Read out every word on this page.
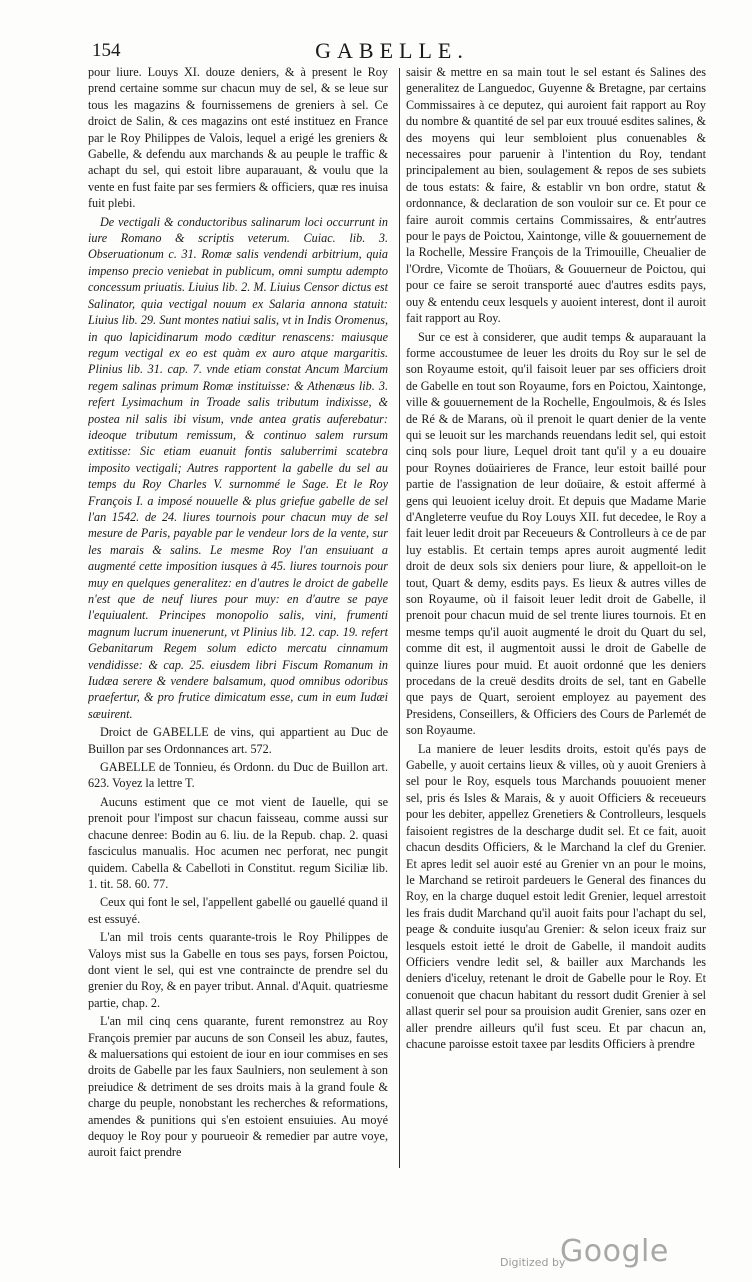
154	GABELLE.

pour liure. Louys XI. douze deniers, & à present le Roy prend certaine somme sur chacun muy de sel, & se leue sur tous les magazins & fournissemens de greniers à sel. Ce droict de Salin, & ces magazins ont esté instituez en France par le Roy Philippes de Valois, lequel a erigé les greniers & Gabelle, & defendu aux marchands & au peuple le traffic & achapt du sel, qui estoit libre auparauant, & voulu que la vente en fust faite par ses fermiers & officiers, quæ res inuisa fuit plebi.

De vectigali & conductoribus salinarum loci occurrunt in iure Romano & scriptis veterum. Cuiac. lib. 3. Obseruationum c. 31. Romæ salis vendendi arbitrium, quia impenso precio veniebat in publicum, omni sumptu adempto concessum priuatis. Liuius lib. 2. M. Liuius Censor dictus est Salinator, quia vectigal nouum ex Salaria annona statuit: Liuius lib. 29. Sunt montes natiui salis, vt in Indis Oromenus, in quo lapicidinarum modo cæditur renascens: maiusque regum vectigal ex eo est quàm ex auro atque margaritis. Plinius lib. 31. cap. 7. vnde etiam constat Ancum Marcium regem salinas primum Romæ instituisse: & Athenæus lib. 3. refert Lysimachum in Troade salis tributum indixisse, & postea nil salis ibi visum, vnde antea gratis auferebatur: ideoque tributum remissum, & continuo salem rursum extitisse: Sic etiam euanuit fontis saluberrimi scatebra imposito vectigali; Autres rapportent la gabelle du sel au temps du Roy Charles V. surnommé le Sage. Et le Roy François I. a imposé nouuelle & plus griefue gabelle de sel l'an 1542. de 24. liures tournois pour chacun muy de sel mesure de Paris, payable par le vendeur lors de la vente, sur les marais & salins. Le mesme Roy l'an ensuiuant a augmenté cette imposition iusques à 45. liures tournois pour muy en quelques generalitez: en d'autres le droict de gabelle n'est que de neuf liures pour muy: en d'autre se paye l'equiualent. Principes monopolio salis, vini, frumenti magnum lucrum inuenerunt, vt Plinius lib. 12. cap. 19. refert Gebanitarum Regem solum edicto mercatu cinnamum vendidisse: & cap. 25. eiusdem libri Fiscum Romanum in Iudæa serere & vendere balsamum, quod omnibus odoribus praefertur, & pro frutice dimicatum esse, cum in eum Iudæi sæuirent.

Droict de GABELLE de vins, qui appartient au Duc de Buillon par ses Ordonnances art. 572.

GABELLE de Tonnieu, és Ordonn. du Duc de Buillon art. 623. Voyez la lettre T.

Aucuns estiment que ce mot vient de Iauelle, qui se prenoit pour l'impost sur chacun faisseau, comme aussi sur chacune denree: Bodin au 6. liu. de la Repub. chap. 2. quasi fasciculus manualis. Hoc acumen nec perforat, nec pungit quidem. Cabella & Cabelloti in Constitut. regum Siciliæ lib. 1. tit. 58. 60. 77.

Ceux qui font le sel, l'appellent gabellé ou gauellé quand il est essuyé.

L'an mil trois cents quarante-trois le Roy Philippes de Valoys mist sus la Gabelle en tous ses pays, forsen Poictou, dont vient le sel, qui est vne contraincte de prendre sel du grenier du Roy, & en payer tribut. Annal. d'Aquit. quatriesme partie, chap. 2.

L'an mil cinq cens quarante, furent remonstrez au Roy François premier par aucuns de son Conseil les abuz, fautes, & maluersations qui estoient de iour en iour commises en ses droits de Gabelle par les faux Saulniers, non seulement à son preiudice & detriment de ses droits mais à la grand foule & charge du peuple, nonobstant les recherches & reformations, amendes & punitions qui s'en estoient ensuiuies. Au moyé dequoy le Roy pour y pourueoir & remedier par autre voye, auroit faict prendre

saisir & mettre en sa main tout le sel estant és Salines des generalitez de Languedoc, Guyenne & Bretagne, par certains Commissaires à ce deputez, qui auroient fait rapport au Roy du nombre & quantité de sel par eux trouué esdites salines, & des moyens qui leur sembloient plus conuenables & necessaires pour paruenir à l'intention du Roy, tendant principalement au bien, soulagement & repos de ses subiets de tous estats: & faire, & establir vn bon ordre, statut & ordonnance, & declaration de son vouloir sur ce. Et pour ce faire auroit commis certains Commissaires, & entr'autres pour le pays de Poictou, Xaintonge, ville & gouuernement de la Rochelle, Messire François de la Trimouille, Cheualier de l'Ordre, Vicomte de Thoüars, & Gouuerneur de Poictou, qui pour ce faire se seroit transporté auec d'autres esdits pays, ouy & entendu ceux lesquels y auoient interest, dont il auroit fait rapport au Roy.

Sur ce est à considerer, que audit temps & auparauant la forme accoustumee de leuer les droits du Roy sur le sel de son Royaume estoit, qu'il faisoit leuer par ses officiers droit de Gabelle en tout son Royaume, fors en Poictou, Xaintonge, ville & gouuernement de la Rochelle, Engoulmois, & és Isles de Ré & de Marans, où il prenoit le quart denier de la vente qui se leuoit sur les marchands reuendans ledit sel, qui estoit cinq sols pour liure, Lequel droit tant qu'il y a eu douaire pour Roynes doüairieres de France, leur estoit baillé pour partie de l'assignation de leur doüaire, & estoit affermé à gens qui leuoient iceluy droit. Et depuis que Madame Marie d'Angleterre veufue du Roy Louys XII. fut decedee, le Roy a fait leuer ledit droit par Receueurs & Controlleurs à ce de par luy establis. Et certain temps apres auroit augmenté ledit droit de deux sols six deniers pour liure, & appelloit-on le tout, Quart & demy, esdits pays. Es lieux & autres villes de son Royaume, où il faisoit leuer ledit droit de Gabelle, il prenoit pour chacun muid de sel trente liures tournois. Et en mesme temps qu'il auoit augmenté le droit du Quart du sel, comme dit est, il augmentoit aussi le droit de Gabelle de quinze liures pour muid. Et auoit ordonné que les deniers procedans de la creuë desdits droits de sel, tant en Gabelle que pays de Quart, seroient employez au payement des Presidens, Conseillers, & Officiers des Cours de Parlemét de son Royaume.

La maniere de leuer lesdits droits, estoit qu'és pays de Gabelle, y auoit certains lieux & villes, où y auoit Greniers à sel pour le Roy, esquels tous Marchands pouuoient mener sel, pris és Isles & Marais, & y auoit Officiers & receueurs pour les debiter, appellez Grenetiers & Controlleurs, lesquels faisoient registres de la descharge dudit sel. Et ce fait, auoit chacun desdits Officiers, & le Marchand la clef du Grenier. Et apres ledit sel auoir esté au Grenier vn an pour le moins, le Marchand se retiroit pardeuers le General des finances du Roy, en la charge duquel estoit ledit Grenier, lequel arrestoit les frais dudit Marchand qu'il auoit faits pour l'achapt du sel, peage & conduite iusqu'au Grenier: & selon iceux fraiz sur lesquels estoit ietté le droit de Gabelle, il mandoit audits Officiers vendre ledit sel, & bailler aux Marchands les deniers d'iceluy, retenant le droit de Gabelle pour le Roy. Et conuenoit que chacun habitant du ressort dudit Grenier à sel allast querir sel pour sa prouision audit Grenier, sans ozer en aller prendre ailleurs qu'il fust sceu. Et par chacun an, chacune paroisse estoit taxee par lesdits Officiers à prendre

Digitized by
Google
